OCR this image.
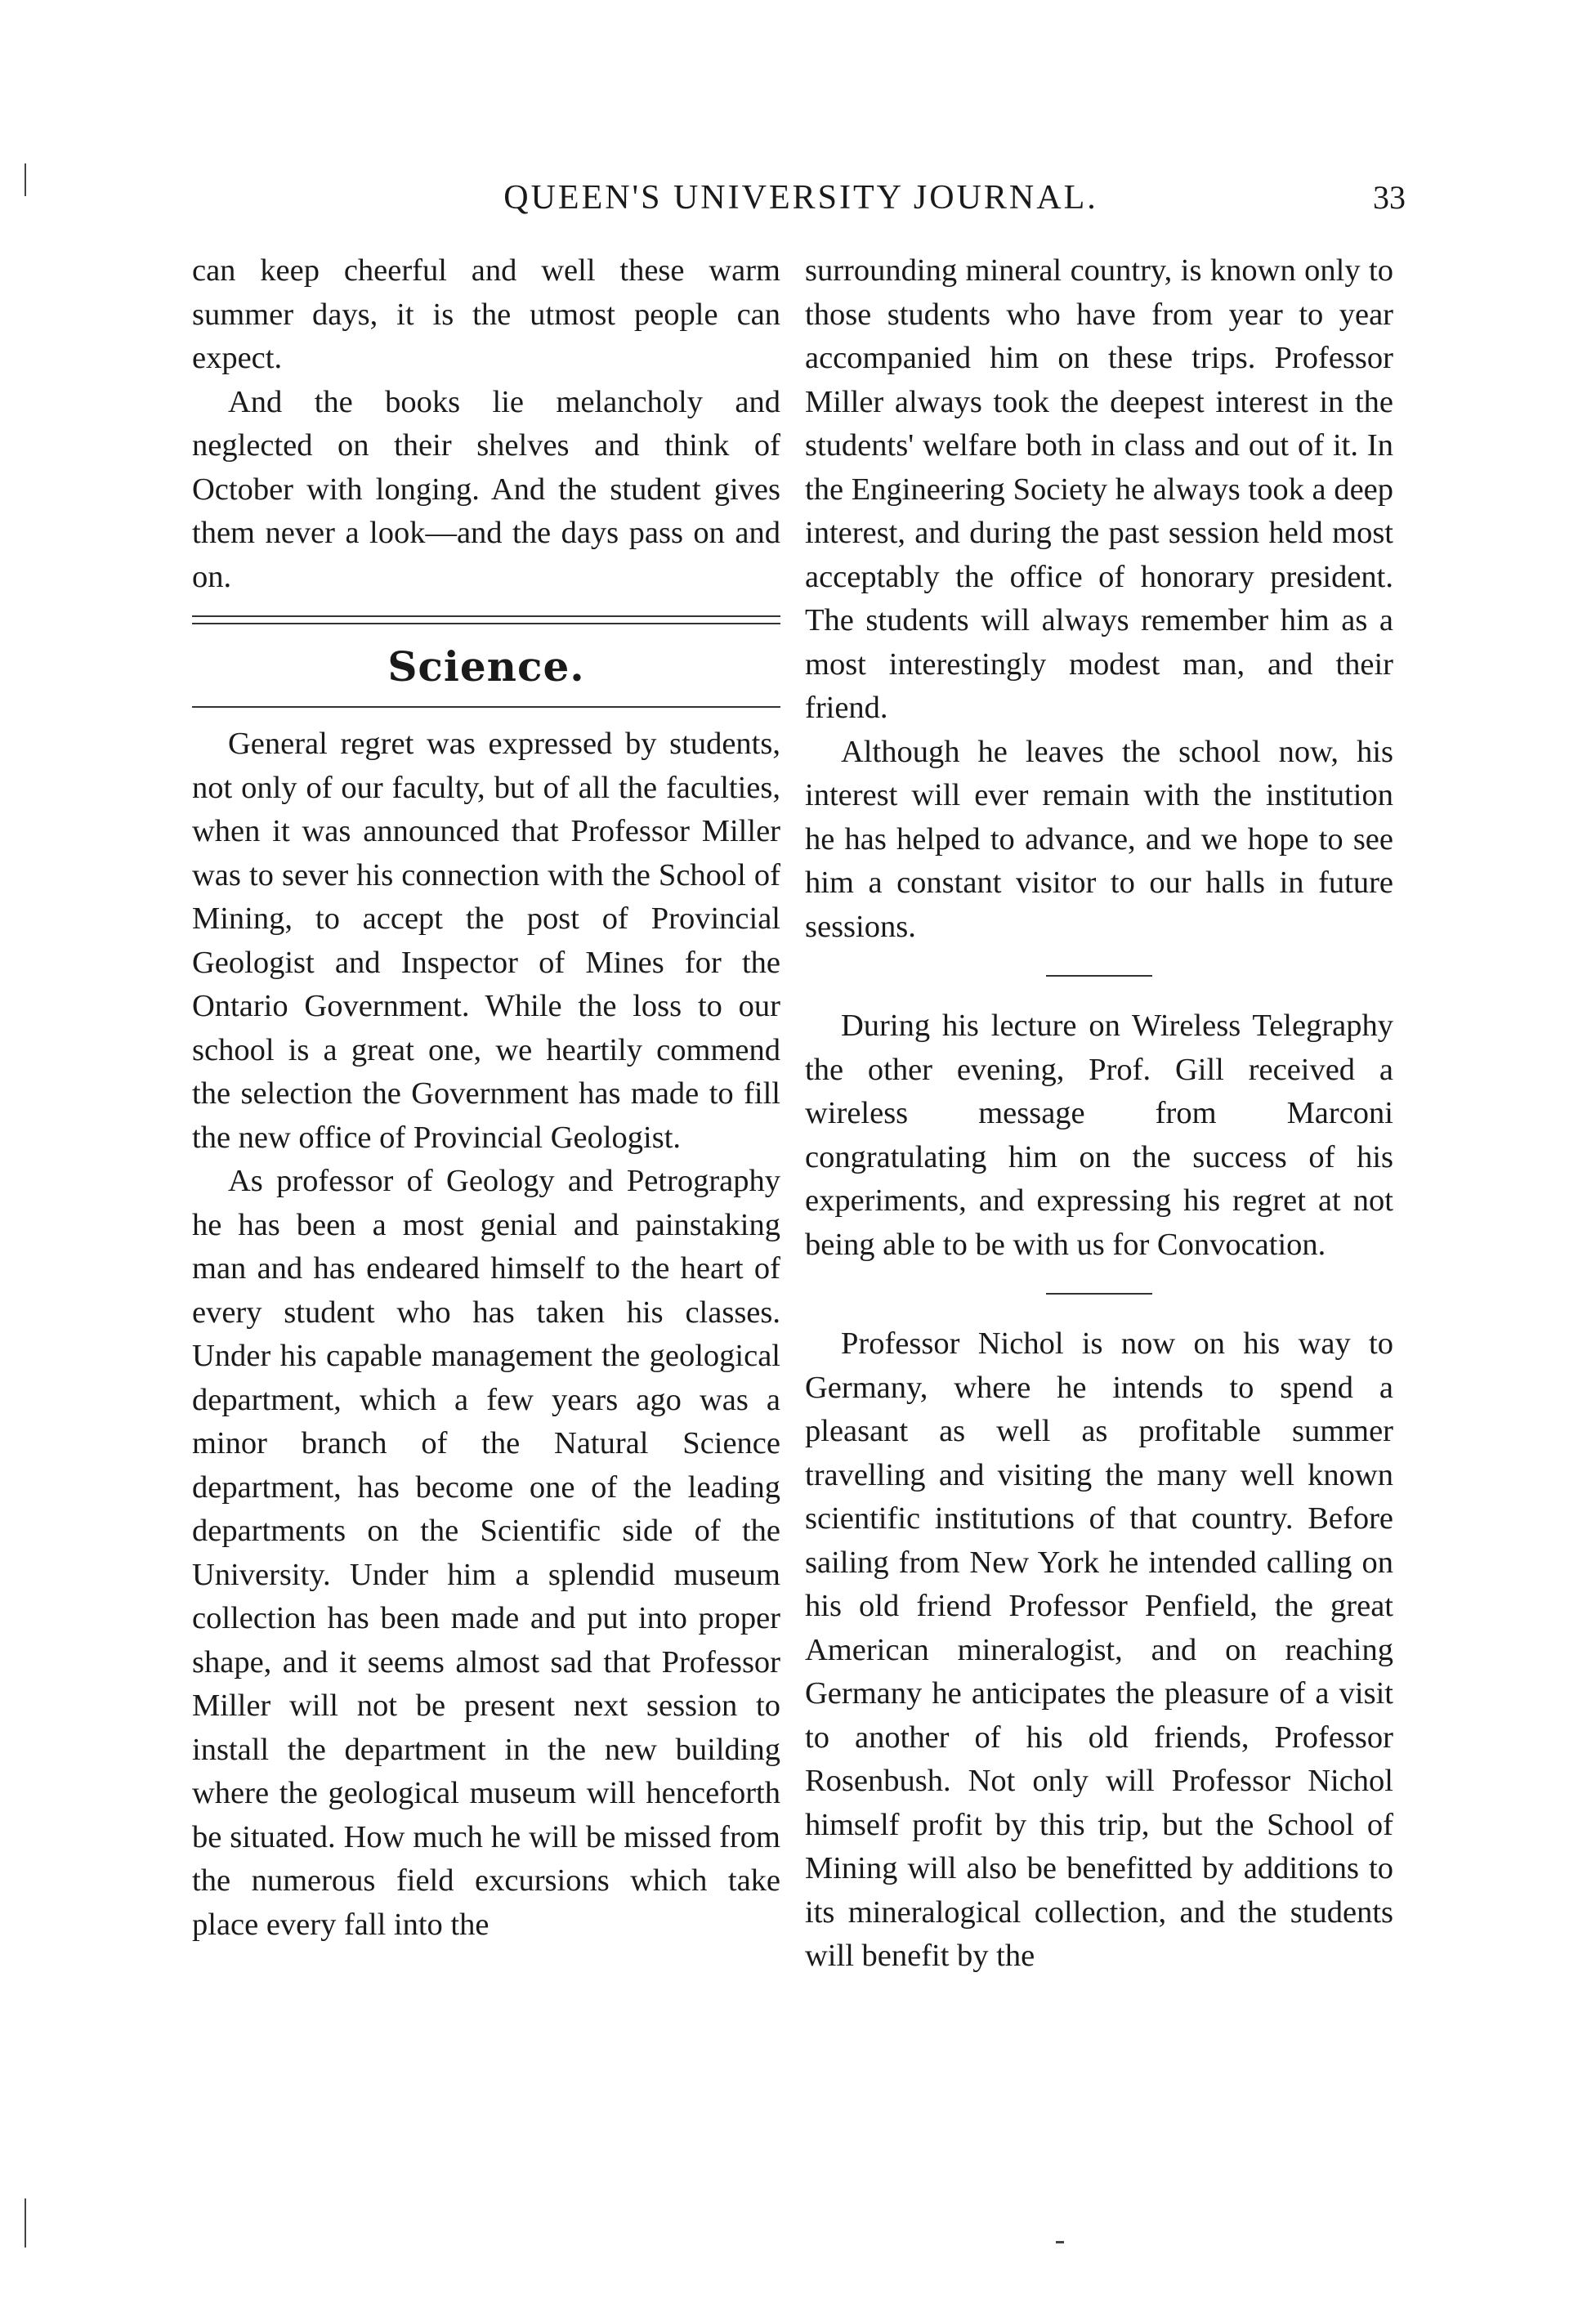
QUEEN'S UNIVERSITY JOURNAL.	33

can keep cheerful and well these warm summer days, it is the utmost people can expect.

And the books lie melancholy and neglected on their shelves and think of October with longing. And the student gives them never a look—and the days pass on and on.

Science.

General regret was expressed by students, not only of our faculty, but of all the faculties, when it was announced that Professor Miller was to sever his connection with the School of Mining, to accept the post of Provincial Geologist and Inspector of Mines for the Ontario Government. While the loss to our school is a great one, we heartily commend the selection the Government has made to fill the new office of Provincial Geologist.

As professor of Geology and Petrography he has been a most genial and painstaking man and has endeared himself to the heart of every student who has taken his classes. Under his capable management the geological department, which a few years ago was a minor branch of the Natural Science department, has become one of the leading departments on the Scientific side of the University. Under him a splendid museum collection has been made and put into proper shape, and it seems almost sad that Professor Miller will not be present next session to install the department in the new building where the geological museum will henceforth be situated. How much he will be missed from the numerous field excursions which take place every fall into the

surrounding mineral country, is known only to those students who have from year to year accompanied him on these trips. Professor Miller always took the deepest interest in the students' welfare both in class and out of it. In the Engineering Society he always took a deep interest, and during the past session held most acceptably the office of honorary president. The students will always remember him as a most interestingly modest man, and their friend.

Although he leaves the school now, his interest will ever remain with the institution he has helped to advance, and we hope to see him a constant visitor to our halls in future sessions.

During his lecture on Wireless Telegraphy the other evening, Prof. Gill received a wireless message from Marconi congratulating him on the success of his experiments, and expressing his regret at not being able to be with us for Convocation.

Professor Nichol is now on his way to Germany, where he intends to spend a pleasant as well as profitable summer travelling and visiting the many well known scientific institutions of that country. Before sailing from New York he intended calling on his old friend Professor Penfield, the great American mineralogist, and on reaching Germany he anticipates the pleasure of a visit to another of his old friends, Professor Rosenbush. Not only will Professor Nichol himself profit by this trip, but the School of Mining will also be benefitted by additions to its mineralogical collection, and the students will benefit by the
